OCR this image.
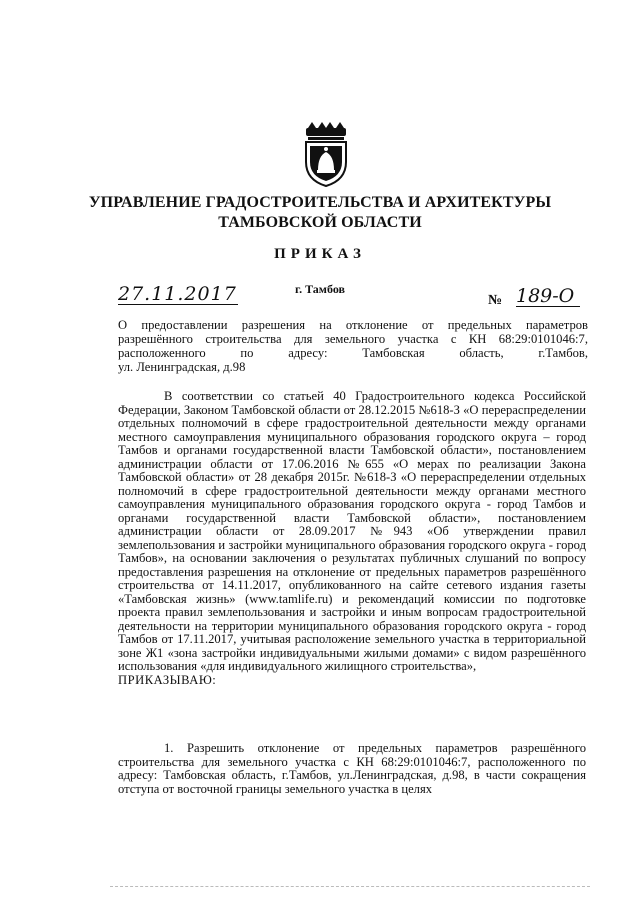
УПРАВЛЕНИЕ ГРАДОСТРОИТЕЛЬСТВА И АРХИТЕКТУРЫ
ТАМБОВСКОЙ ОБЛАСТИ
ПРИКАЗ
г. Тамбов
27.11.2017	№ 189-О
О предоставлении разрешения на отклонение от предельных параметров разрешённого строительства для земельного участка с КН 68:29:0101046:7, расположенного по адресу: Тамбовская область, г.Тамбов,
ул. Ленинградская, д.98

В соответствии со статьей 40 Градостроительного кодекса Российской Федерации, Законом Тамбовской области от 28.12.2015 №618-З «О перераспределении отдельных полномочий в сфере градостроительной деятельности между органами местного самоуправления муниципального образования городского округа – город Тамбов и органами государственной власти Тамбовской области», постановлением администрации области от 17.06.2016 №655 «О мерах по реализации Закона Тамбовской области» от 28 декабря 2015г. №618-З «О перераспределении отдельных полномочий в сфере градостроительной деятельности между органами местного самоуправления муниципального образования городского округа - город Тамбов и органами государственной власти Тамбовской области», постановлением администрации области от 28.09.2017 №943 «Об утверждении правил землепользования и застройки муниципального образования городского округа - город Тамбов», на основании заключения о результатах публичных слушаний по вопросу предоставления разрешения на отклонение от предельных параметров разрешённого строительства от 14.11.2017, опубликованного на сайте сетевого издания газеты «Тамбовская жизнь» (www.tamlife.ru) и рекомендаций комиссии по подготовке проекта правил землепользования и застройки и иным вопросам градостроительной деятельности на территории муниципального образования городского округа - город Тамбов от 17.11.2017, учитывая расположение земельного участка в территориальной зоне Ж1 «зона застройки индивидуальными жилыми домами» с видом разрешённого использования «для индивидуального жилищного строительства»,

ПРИКАЗЫВАЮ:

1. Разрешить отклонение от предельных параметров разрешённого строительства для земельного участка с КН 68:29:0101046:7, расположенного по адресу: Тамбовская область, г.Тамбов, ул.Ленинградская, д.98, в части сокращения отступа от восточной границы земельного участка в целях
